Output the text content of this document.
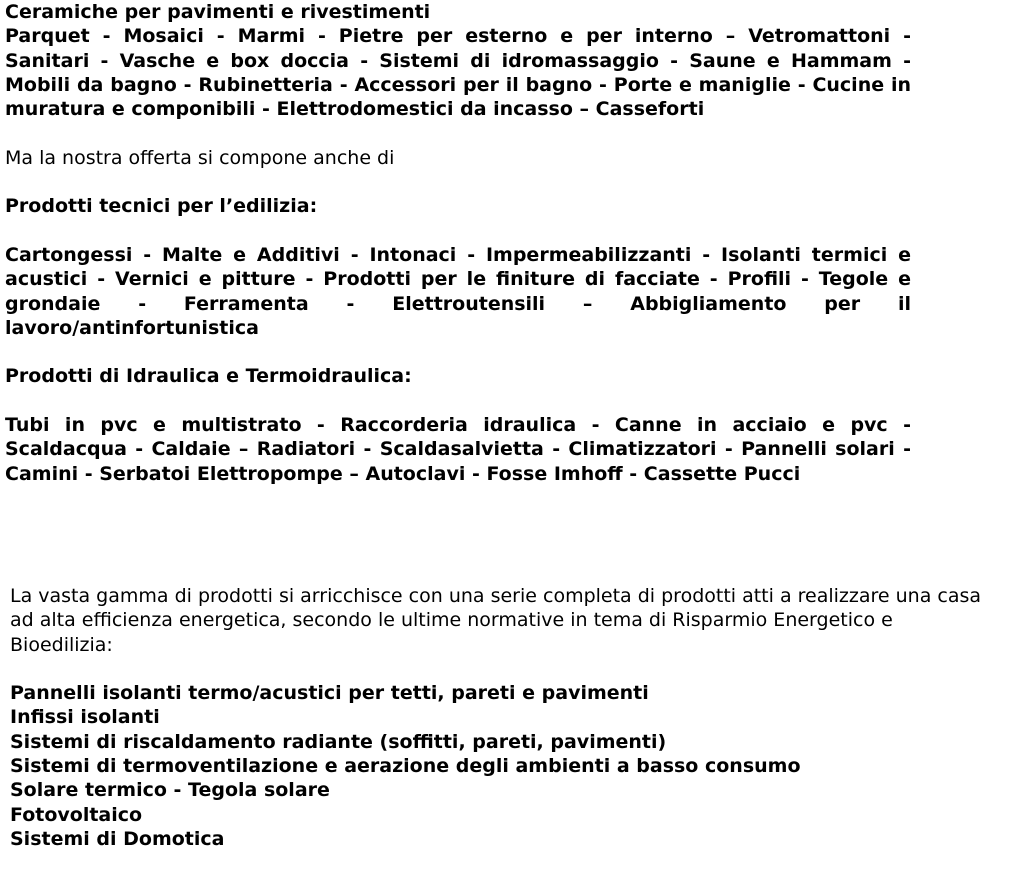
Ceramiche per pavimenti e rivestimenti

Parquet - Mosaici - Marmi - Pietre per esterno e per interno – Vetromattoni - Sanitari - Vasche e box doccia - Sistemi di idromassaggio - Saune e Hammam - Mobili da bagno - Rubinetteria - Accessori per il bagno - Porte e maniglie - Cucine in muratura e componibili - Elettrodomestici da incasso – Casseforti

Ma la nostra offerta si compone anche di

Prodotti tecnici per l’edilizia:

Cartongessi - Malte e Additivi - Intonaci - Impermeabilizzanti - Isolanti termici e acustici - Vernici e pitture - Prodotti per le finiture di facciate - Profili - Tegole e grondaie - Ferramenta - Elettroutensili – Abbigliamento per il lavoro/antinfortunistica

Prodotti di Idraulica e Termoidraulica:

Tubi in pvc e multistrato - Raccorderia idraulica - Canne in acciaio e pvc - Scaldacqua - Caldaie – Radiatori - Scaldasalvietta - Climatizzatori - Pannelli solari - Camini - Serbatoi Elettropompe – Autoclavi - Fosse Imhoff - Cassette Pucci

La vasta gamma di prodotti si arricchisce con una serie completa di prodotti atti a realizzare una casa ad alta efficienza energetica, secondo le ultime normative in tema di Risparmio Energetico e Bioedilizia:

Pannelli isolanti termo/acustici per tetti, pareti e pavimenti

Infissi isolanti

Sistemi di riscaldamento radiante (soffitti, pareti, pavimenti)

Sistemi di termoventilazione e aerazione degli ambienti a basso consumo

Solare termico - Tegola solare

Fotovoltaico

Sistemi di Domotica
